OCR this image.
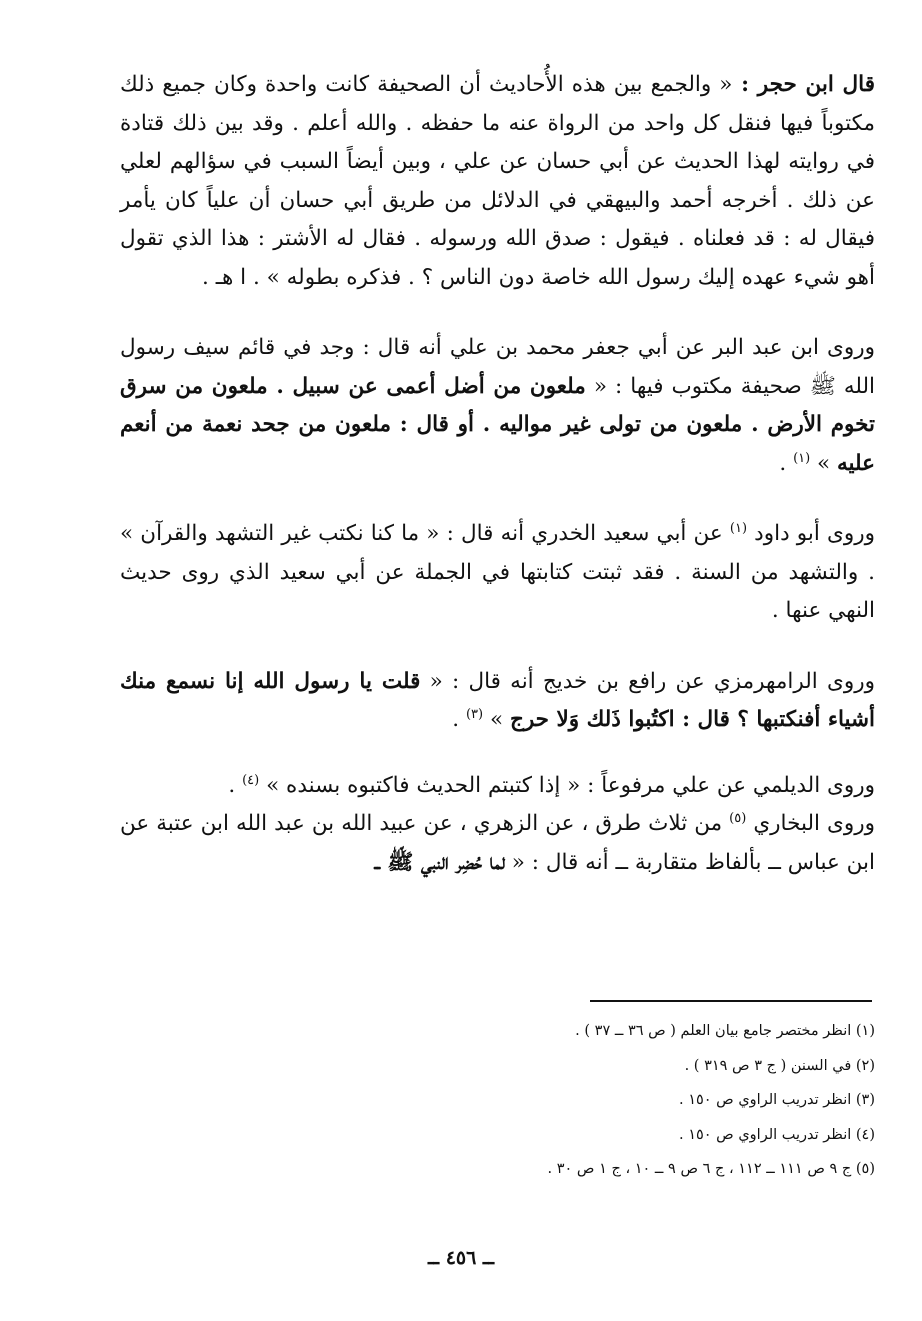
قال ابن حجر : « والجمع بين هذه الأُحاديث أن الصحيفة كانت واحدة وكان جميع ذلك مكتوباً فيها فنقل كل واحد من الرواة عنه ما حفظه . والله أعلم . وقد بين ذلك قتادة في روايته لهذا الحديث عن أبي حسان عن علي ، وبين أيضاً السبب في سؤالهم لعلي عن ذلك . أخرجه أحمد والبيهقي في الدلائل من طريق أبي حسان أن علياً كان يأمر فيقال له : قد فعلناه . فيقول : صدق الله ورسوله . فقال له الأشتر : هذا الذي تقول أهو شيء عهده إليك رسول الله خاصة دون الناس ؟ . فذكره بطوله » . ا هـ .

وروى ابن عبد البر عن أبي جعفر محمد بن علي أنه قال : وجد في قائم سيف رسول الله ﷺ صحيفة مكتوب فيها : « ملعون من أضل أعمى عن سبيل . ملعون من سرق تخوم الأرض . ملعون من تولى غير مواليه . أو قال : ملعون من جحد نعمة من أنعم عليه » $^{(١)}$ .

وروى أبو داود $^{(١)}$ عن أبي سعيد الخدري أنه قال : « ما كنا نكتب غير التشهد والقرآن » . والتشهد من السنة . فقد ثبتت كتابتها في الجملة عن أبي سعيد الذي روى حديث النهي عنها .

وروى الرامهرمزي عن رافع بن خديج أنه قال : « قلت يا رسول الله إنا نسمع منك أشياء أفنكتبها ؟ قال : اكتُبوا ذَلك وَلا حرج » $^{(٣)}$ .

وروى الديلمي عن علي مرفوعاً : « إذا كتبتم الحديث فاكتبوه بسنده » $^{(٤)}$ .

وروى البخاري $^{(٥)}$ من ثلاث طرق ، عن الزهري ، عن عبيد الله بن عبد الله ابن عتبة عن ابن عباس ــ بألفاظ متقاربة ــ أنه قال : « لما حُضِر النبي ﷺ ــ

(١) انظر مختصر جامع بيان العلم ( ص ٣٦ ــ ٣٧ ) .

(٢) في السنن ( ج ٣ ص ٣١٩ ) .

(٣) انظر تدريب الراوي ص ١٥٠ .

(٤) انظر تدريب الراوي ص ١٥٠ .

(٥) ج ٩ ص ١١١ ــ ١١٢ ، ج ٦ ص ٩ ــ ١٠ ، ج ١ ص ٣٠ .

ــ ٤٥٦ ــ
